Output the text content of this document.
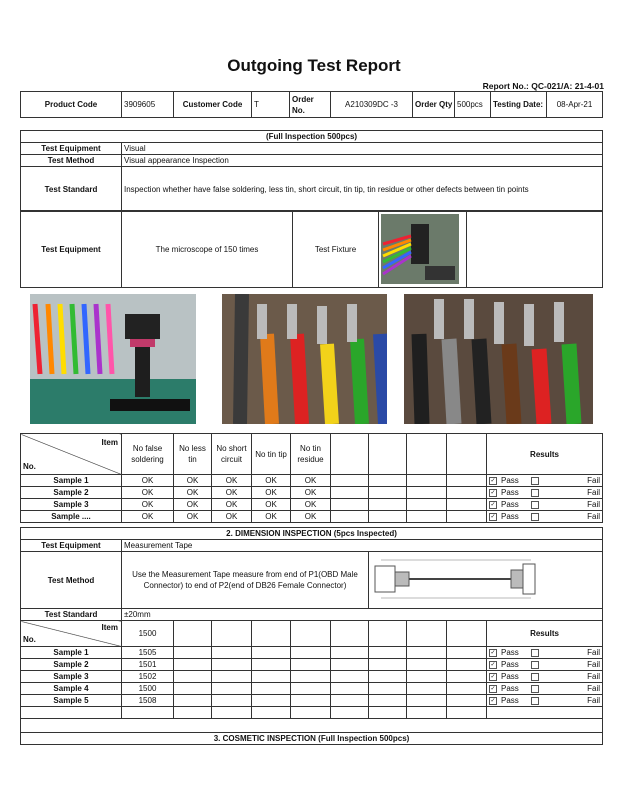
Outgoing Test Report
Report No.: QC-021/A: 21-4-01
Product Code	3909605	Customer Code	T	Order No.	A210309DC -3	Order Qty	500pcs	Testing Date:	08-Apr-21
(Full Inspection 500pcs)	
Test Equipment	Visual
Test Method	Visual appearance Inspection
Test Standard	Inspection whether have false soldering, less tin, short circuit, tin tip, tin residue or other defects between tin points
Test Equipment	The microscope of 150 times	Test Fixture	

Item
No.	No false soldering	No less tin	No short circuit	No tin tip	No tin residue					Results
Sample 1	OK	OK	OK	OK	OK					✓ Pass Fail

Sample 2	OK	OK	OK	OK	OK					✓ Pass Fail

Sample 3	OK	OK	OK	OK	OK					✓ Pass Fail

Sample ....	OK	OK	OK	OK	OK					✓ Pass Fail
2. DIMENSION INSPECTION (5pcs Inspected)										
Test Equipment	Measurement Tape									
Test Method	Use the Measurement Tape measure from end of P1(OBD Male Connector) to end of P2(end of DB26 Female Connector)	
Test Standard	±20mm									

Item
No.	1500									Results
Sample 1	1505									✓ Pass Fail

Sample 2	1501									✓ Pass Fail

Sample 3	1502									✓ Pass Fail

Sample 4	1500									✓ Pass Fail

Sample 5	1508									✓ Pass Fail

3. COSMETIC INSPECTION (Full Inspection 500pcs)										
